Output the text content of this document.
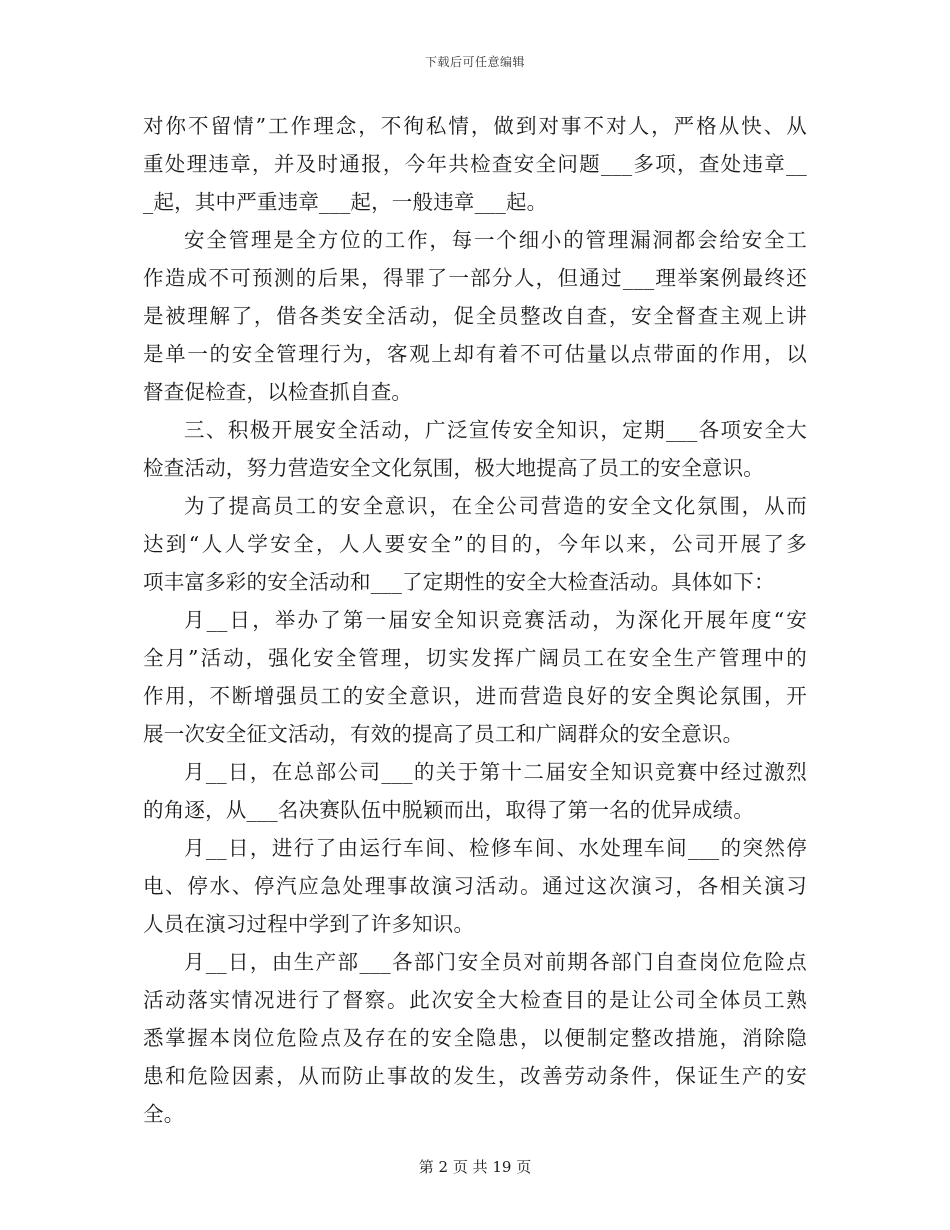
下载后可任意编辑
对你不留情”工作理念，不徇私情，做到对事不对人，严格从快、从
重处理违章，并及时通报，今年共检查安全问题___多项，查处违章__
_起，其中严重违章___起，一般违章___起。
安全管理是全方位的工作，每一个细小的管理漏洞都会给安全工
作造成不可预测的后果，得罪了一部分人，但通过___理举案例最终还
是被理解了，借各类安全活动，促全员整改自查，安全督查主观上讲
是单一的安全管理行为，客观上却有着不可估量以点带面的作用，以
督查促检查，以检查抓自查。
三、积极开展安全活动，广泛宣传安全知识，定期___各项安全大
检查活动，努力营造安全文化氛围，极大地提高了员工的安全意识。
为了提高员工的安全意识，在全公司营造的安全文化氛围，从而
达到“人人学安全，人人要安全”的目的，今年以来，公司开展了多
项丰富多彩的安全活动和___了定期性的安全大检查活动。具体如下：
月__日，举办了第一届安全知识竞赛活动，为深化开展年度“安
全月”活动，强化安全管理，切实发挥广阔员工在安全生产管理中的
作用，不断增强员工的安全意识，进而营造良好的安全舆论氛围，开
展一次安全征文活动，有效的提高了员工和广阔群众的安全意识。
月__日，在总部公司___的关于第十二届安全知识竞赛中经过激烈
的角逐，从___名决赛队伍中脱颖而出，取得了第一名的优异成绩。
月__日，进行了由运行车间、检修车间、水处理车间___的突然停
电、停水、停汽应急处理事故演习活动。通过这次演习，各相关演习
人员在演习过程中学到了许多知识。
月__日，由生产部___各部门安全员对前期各部门自查岗位危险点
活动落实情况进行了督察。此次安全大检查目的是让公司全体员工熟
悉掌握本岗位危险点及存在的安全隐患，以便制定整改措施，消除隐
患和危险因素，从而防止事故的发生，改善劳动条件，保证生产的安
全。
第 2 页 共 19 页
